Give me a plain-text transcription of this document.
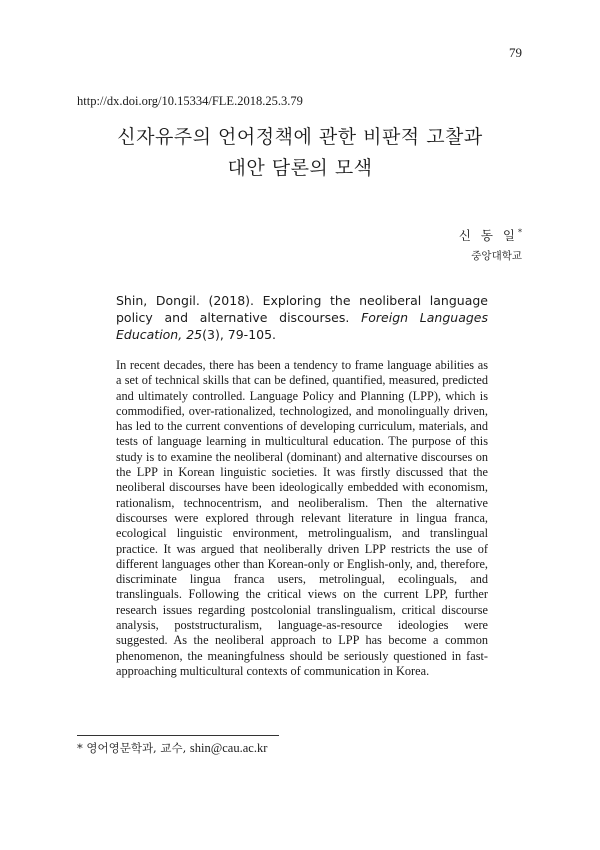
79
http://dx.doi.org/10.15334/FLE.2018.25.3.79
신자유주의 언어정책에 관한 비판적 고찰과
대안 담론의 모색
신 동 일*
중앙대학교
Shin, Dongil. (2018). Exploring the neoliberal language policy and alternative discourses. Foreign Languages Education, 25(3), 79-105.
In recent decades, there has been a tendency to frame language abilities as a set of technical skills that can be defined, quantified, measured, predicted and ultimately controlled. Language Policy and Planning (LPP), which is commodified, over-rationalized, technologized, and monolingually driven, has led to the current conventions of developing curriculum, materials, and tests of language learning in multicultural education. The purpose of this study is to examine the neoliberal (dominant) and alternative discourses on the LPP in Korean linguistic societies. It was firstly discussed that the neoliberal discourses have been ideologically embedded with economism, rationalism, technocentrism, and neoliberalism. Then the alternative discourses were explored through relevant literature in lingua franca, ecological linguistic environment, metrolingualism, and translingual practice. It was argued that neoliberally driven LPP restricts the use of different languages other than Korean-only or English-only, and, therefore, discriminate lingua franca users, metrolingual, ecolinguals, and translinguals. Following the critical views on the current LPP, further research issues regarding postcolonial translingualism, critical discourse analysis, poststructuralism, language-as-resource ideologies were suggested. As the neoliberal approach to LPP has become a common phenomenon, the meaningfulness should be seriously questioned in fast-approaching multicultural contexts of communication in Korea.
* 영어영문학과, 교수, shin@cau.ac.kr
